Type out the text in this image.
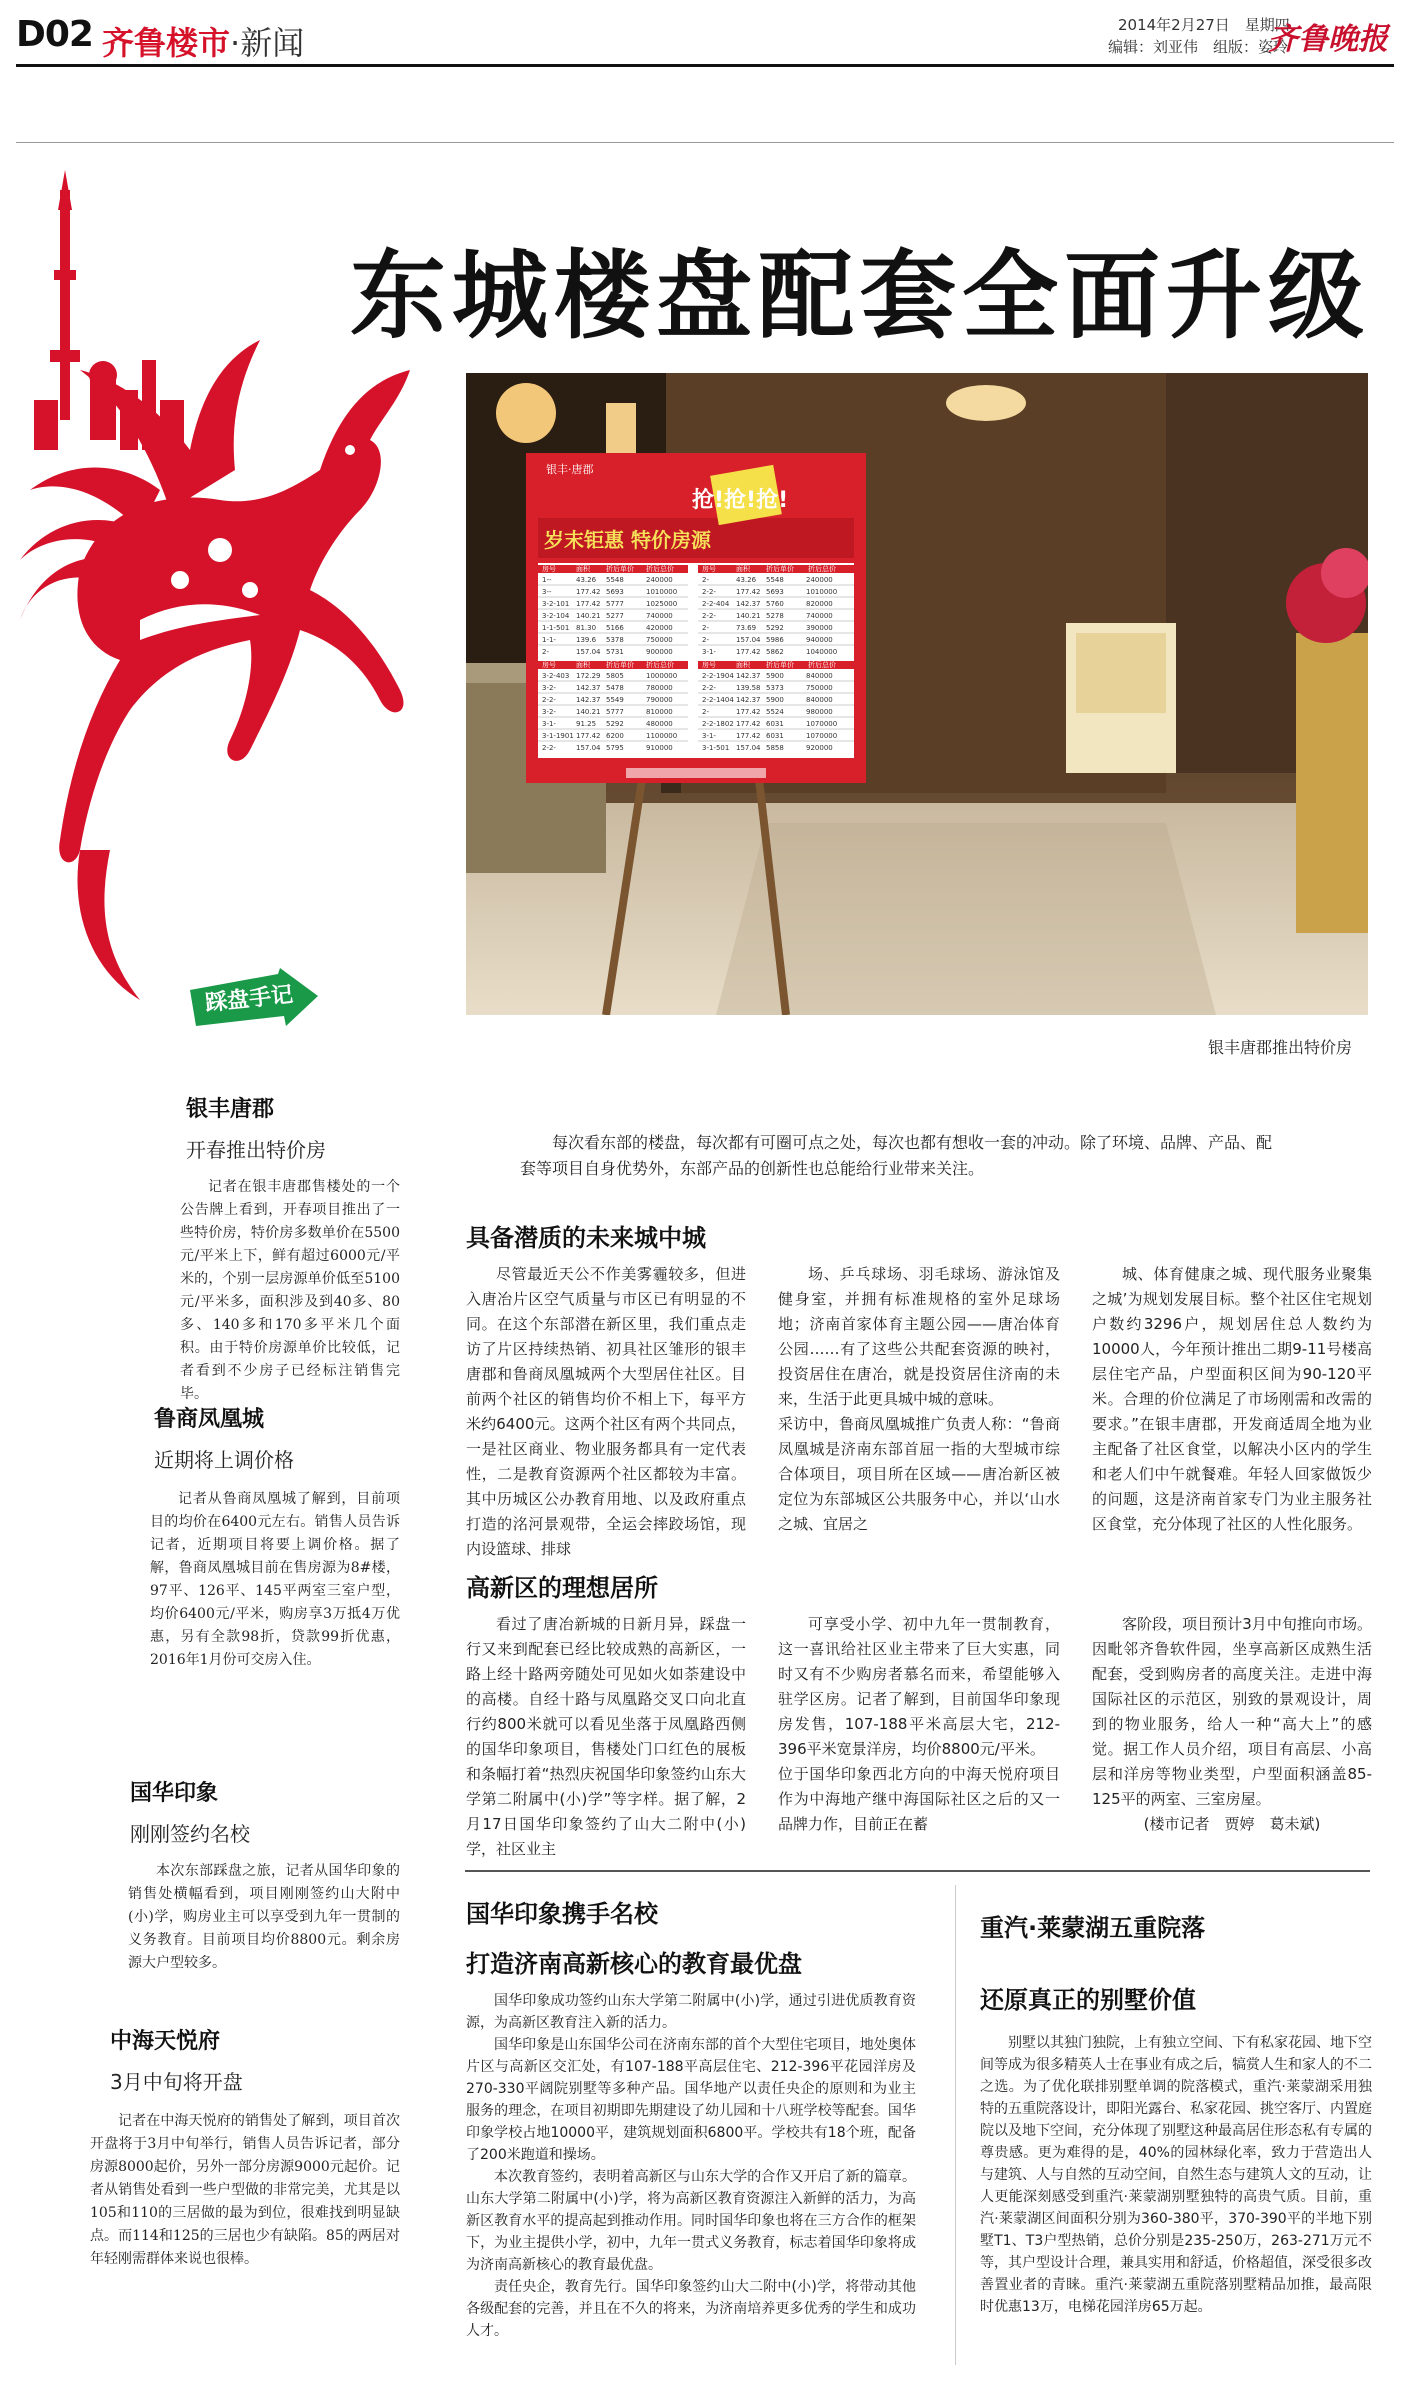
D02 齐鲁楼市·新闻	2014年2月27日　星期四
编辑：刘亚伟　组版：姿玲
齐鲁晚报
踩盘手记
东城楼盘配套全面升级
岁末钜惠 特价房源
抢!抢!抢!
银丰·唐郡
一口价
房号	面积 折后单价 折后总价	房号	面积 折后单价 折后总价
房号	面积 折后单价 折后总价	房号	面积 折后单价 折后总价
1--	43.26 5548	240000
3--	177.42 5693	1010000
3-2-101 177.42 5777	1025000
3-2-104 140.21 5277	740000
1-1-501 81.30 5166	420000
1-1-	139.6 5378	750000
2-	157.04 5731	900000
2-	43.26 5548	240000
2-2-	177.42 5693	1010000
2-2-404 142.37 5760	820000
2-2-	140.21 5278	740000
2-	73.69 5292	390000
2-	157.04 5986	940000
3-1-	177.42 5862	1040000
3-2-403 172.29 5805	1000000
3-2-	142.37 5478	780000
2-2-	142.37 5549	790000
3-2-	140.21 5777	810000
3-1-	91.25 5292	480000
3-1-1901 177.42 6200	1100000
2-2-	157.04 5795	910000
2-2-1904 142.37 5900	840000
2-2-	139.58 5373	750000
2-2-1404 142.37 5900	840000
2-	177.42 5524	980000
2-2-1802 177.42 6031	1070000
3-1-	177.42 6031	1070000
3-1-501 157.04 5858	920000
银丰唐郡推出特价房
银丰唐郡
开春推出特价房
记者在银丰唐郡售楼处的一个公告牌上看到，开春项目推出了一些特价房，特价房多数单价在5500元/平米上下，鲜有超过6000元/平米的，个别一层房源单价低至5100元/平米多，面积涉及到40多、80多、140多和170多平米几个面积。由于特价房源单价比较低，记者看到不少房子已经标注销售完毕。
鲁商凤凰城
近期将上调价格
记者从鲁商凤凰城了解到，目前项目的均价在6400元左右。销售人员告诉记者，近期项目将要上调价格。据了解，鲁商凤凰城目前在售房源为8#楼，97平、126平、145平两室三室户型，均价6400元/平米，购房享3万抵4万优惠，另有全款98折，贷款99折优惠，2016年1月份可交房入住。
国华印象
刚刚签约名校
本次东部踩盘之旅，记者从国华印象的销售处横幅看到，项目刚刚签约山大附中(小)学，购房业主可以享受到九年一贯制的义务教育。目前项目均价8800元。剩余房源大户型较多。
中海天悦府
3月中旬将开盘
记者在中海天悦府的销售处了解到，项目首次开盘将于3月中旬举行，销售人员告诉记者，部分房源8000起价，另外一部分房源9000元起价。记者从销售处看到一些户型做的非常完美，尤其是以105和110的三居做的最为到位，很难找到明显缺点。而114和125的三居也少有缺陷。85的两居对年轻刚需群体来说也很棒。
每次看东部的楼盘，每次都有可圈可点之处，每次也都有想收一套的冲动。除了环境、品牌、产品、配套等项目自身优势外，东部产品的创新性也总能给行业带来关注。
具备潜质的未来城中城

尽管最近天公不作美雾霾较多，但进入唐冶片区空气质量与市区已有明显的不同。在这个东部潜在新区里，我们重点走访了片区持续热销、初具社区雏形的银丰唐郡和鲁商凤凰城两个大型居住社区。目前两个社区的销售均价不相上下，每平方米约6400元。这两个社区有两个共同点，一是社区商业、物业服务都具有一定代表性，二是教育资源两个社区都较为丰富。其中历城区公办教育用地、以及政府重点打造的洺河景观带，全运会摔跤场馆，现内设篮球、排球

场、乒乓球场、羽毛球场、游泳馆及健身室，并拥有标准规格的室外足球场地；济南首家体育主题公园——唐冶体育公园……有了这些公共配套资源的映衬，投资居住在唐冶，就是投资居住济南的未来，生活于此更具城中城的意味。
采访中，鲁商凤凰城推广负责人称：“鲁商凤凰城是济南东部首屈一指的大型城市综合体项目，项目所在区域——唐冶新区被定位为东部城区公共服务中心，并以‘山水之城、宜居之

城、体育健康之城、现代服务业聚集之城’为规划发展目标。整个社区住宅规划户数约3296户，规划居住总人数约为10000人，今年预计推出二期9-11号楼高层住宅产品，户型面积区间为90-120平米。合理的价位满足了市场刚需和改需的要求。”在银丰唐郡，开发商适周全地为业主配备了社区食堂，以解决小区内的学生和老人们中午就餐难。年轻人回家做饭少的问题，这是济南首家专门为业主服务社区食堂，充分体现了社区的人性化服务。

高新区的理想居所

看过了唐冶新城的日新月异，踩盘一行又来到配套已经比较成熟的高新区，一路上经十路两旁随处可见如火如荼建设中的高楼。自经十路与凤凰路交叉口向北直行约800米就可以看见坐落于凤凰路西侧的国华印象项目，售楼处门口红色的展板和条幅打着“热烈庆祝国华印象签约山东大学第二附属中(小)学”等字样。据了解，2月17日国华印象签约了山大二附中(小)学，社区业主

可享受小学、初中九年一贯制教育，这一喜讯给社区业主带来了巨大实惠，同时又有不少购房者慕名而来，希望能够入驻学区房。记者了解到，目前国华印象现房发售，107-188平米高层大宅，212-396平米宽景洋房，均价8800元/平米。
位于国华印象西北方向的中海天悦府项目作为中海地产继中海国际社区之后的又一品牌力作，目前正在蓄

客阶段，项目预计3月中旬推向市场。因毗邻齐鲁软件园，坐享高新区成熟生活配套，受到购房者的高度关注。走进中海国际社区的示范区，别致的景观设计，周到的物业服务，给人一种“高大上”的感觉。据工作人员介绍，项目有高层、小高层和洋房等物业类型，户型面积涵盖85-125平的两室、三室房屋。

(楼市记者　贾婷　葛未斌)

国华印象携手名校
打造济南高新核心的教育最优盘

国华印象成功签约山东大学第二附属中(小)学，通过引进优质教育资源，为高新区教育注入新的活力。

国华印象是山东国华公司在济南东部的首个大型住宅项目，地处奥体片区与高新区交汇处，有107-188平高层住宅、212-396平花园洋房及270-330平阔院别墅等多种产品。国华地产以责任央企的原则和为业主服务的理念，在项目初期即先期建设了幼儿园和十八班学校等配套。国华印象学校占地10000平，建筑规划面积6800平。学校共有18个班，配备了200米跑道和操场。

本次教育签约，表明着高新区与山东大学的合作又开启了新的篇章。山东大学第二附属中(小)学，将为高新区教育资源注入新鲜的活力，为高新区教育水平的提高起到推动作用。同时国华印象也将在三方合作的框架下，为业主提供小学，初中，九年一贯式义务教育，标志着国华印象将成为济南高新核心的教育最优盘。

责任央企，教育先行。国华印象签约山大二附中(小)学，将带动其他各级配套的完善，并且在不久的将来，为济南培养更多优秀的学生和成功人才。

重汽·莱蒙湖五重院落
还原真正的别墅价值

别墅以其独门独院，上有独立空间、下有私家花园、地下空间等成为很多精英人士在事业有成之后，犒赏人生和家人的不二之选。为了优化联排别墅单调的院落模式，重汽·莱蒙湖采用独特的五重院落设计，即阳光露台、私家花园、挑空客厅、内置庭院以及地下空间，充分体现了别墅这种最高居住形态私有专属的尊贵感。更为难得的是，40%的园林绿化率，致力于营造出人与建筑、人与自然的互动空间，自然生态与建筑人文的互动，让人更能深刻感受到重汽·莱蒙湖别墅独特的高贵气质。目前，重汽·莱蒙湖区间面积分别为360-380平，370-390平的半地下别墅T1、T3户型热销，总价分别是235-250万，263-271万元不等，其户型设计合理，兼具实用和舒适，价格超值，深受很多改善置业者的青睐。重汽·莱蒙湖五重院落别墅精品加推，最高限时优惠13万，电梯花园洋房65万起。
